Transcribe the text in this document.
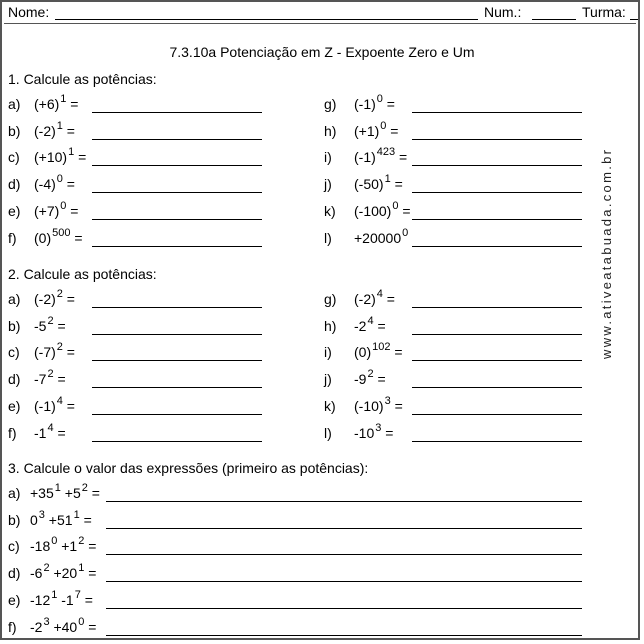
Nome:	Num.:	Turma:
7.3.10a Potenciação em Z - Expoente Zero e Um
1. Calcule as potências:
a) $(+6)^1$ =
b) $(-2)^1$ =
c) $(+10)^1$ =
d) $(-4)^0$ =
e) $(+7)^0$ =
f) $(0)^{500}$ =
g) $(-1)^0$ =
h) $(+1)^0$ =
i) $(-1)^{423}$ =
j) $(-50)^1$ =
k) $(-100)^0$ =
$l) +20000^0$
2. Calcule as potências:
a) $(-2)^2$ =
b) $-5^2$ =
c) $(-7)^2$ =
d) $-7^2$ =
e) $(-1)^4$ =
f) $-1^4$ =
g) $(-2)^4$ =
h) $-2^4$ =
i) $(0)^{102}$ =
j) $-9^2$ =
k) $(-10)^3$ =
l) $-10^3$ =
3. Calcule o valor das expressões (primeiro as potências):
$a) +35^1 +5^2$ =
b) $0^3 +51^1$ =
c) $-18^0 +1^2$ =
d) $-6^2 +20^1$ =
e) $-12^1$ $-1^7$ =
f) $-2^3 +40^0$ =
www.ativeatabuada.com.br
